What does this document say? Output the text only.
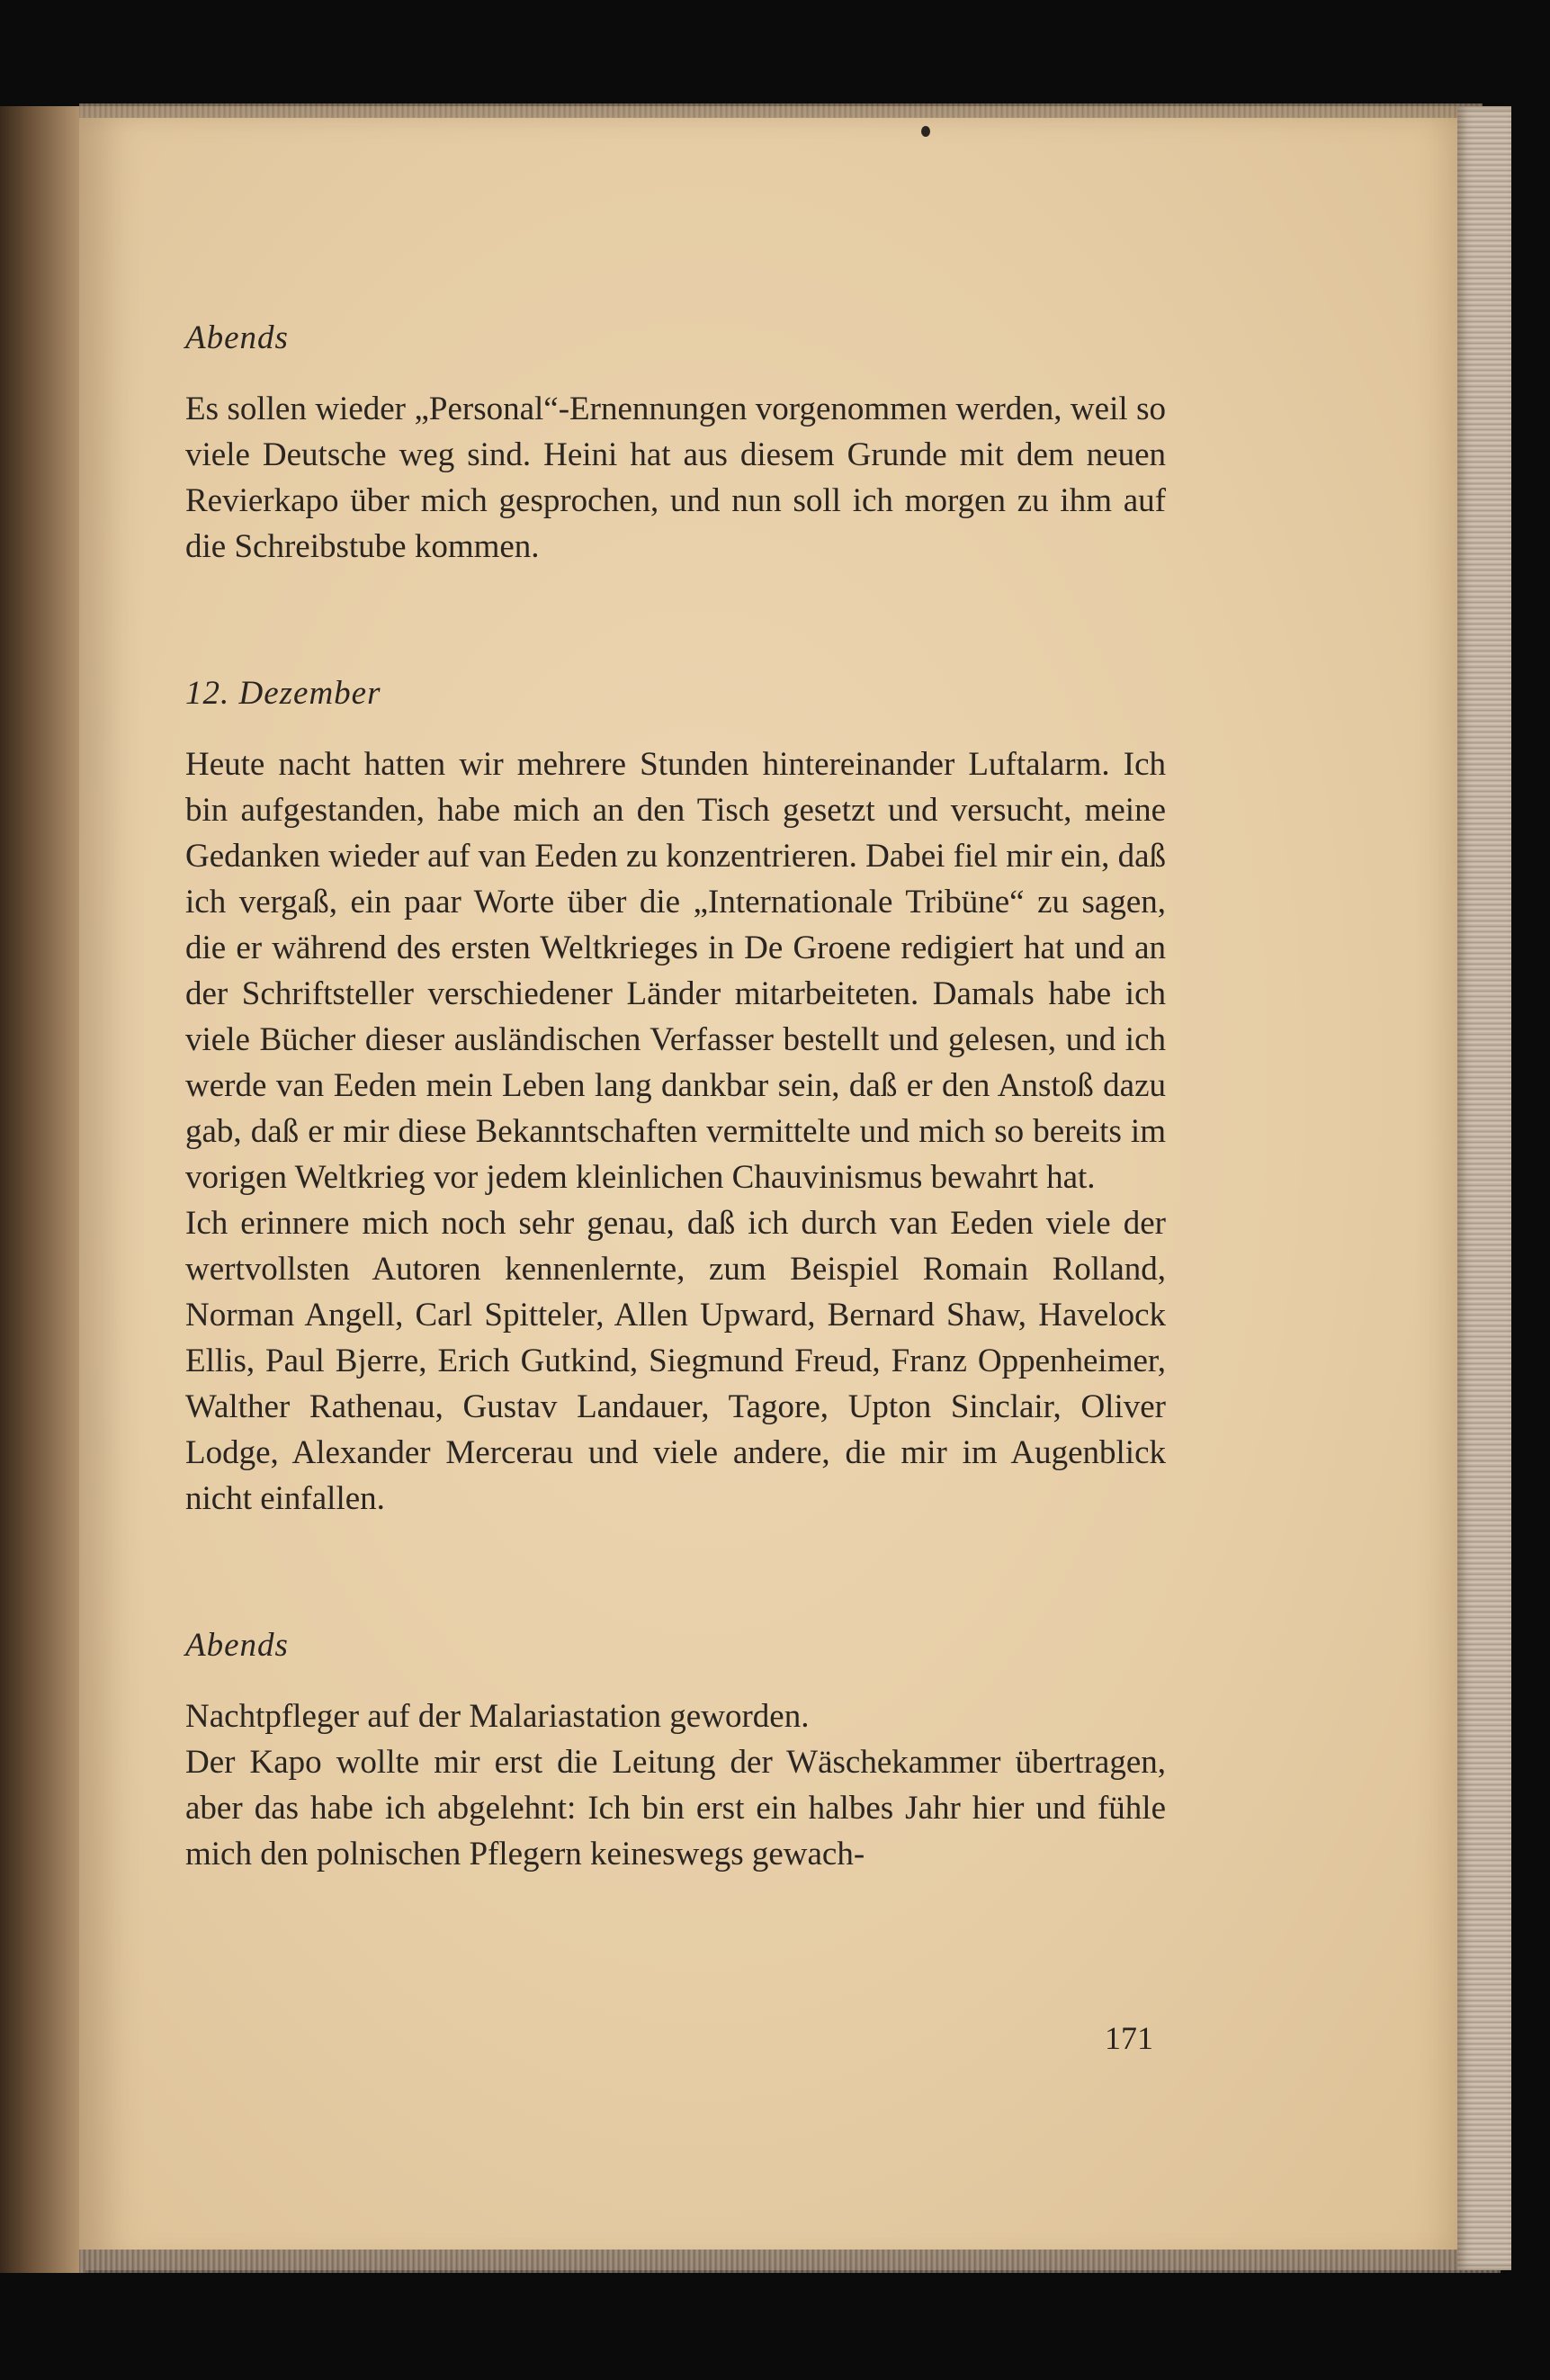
Abends

Es sollen wieder „Personal“-Ernennungen vorgenommen werden, weil so viele Deutsche weg sind. Heini hat aus diesem Grunde mit dem neuen Revierkapo über mich gesprochen, und nun soll ich morgen zu ihm auf die Schreibstube kommen.

12. Dezember

Heute nacht hatten wir mehrere Stunden hintereinander Luftalarm. Ich bin aufgestanden, habe mich an den Tisch gesetzt und versucht, meine Gedanken wieder auf van Eeden zu konzentrieren. Dabei fiel mir ein, daß ich vergaß, ein paar Worte über die „Internationale Tribüne“ zu sagen, die er während des ersten Weltkrieges in De Groene redigiert hat und an der Schriftsteller verschiedener Länder mitarbeiteten. Damals habe ich viele Bücher dieser ausländischen Verfasser bestellt und gelesen, und ich werde van Eeden mein Leben lang dankbar sein, daß er den Anstoß dazu gab, daß er mir diese Bekanntschaften vermittelte und mich so bereits im vorigen Weltkrieg vor jedem kleinlichen Chauvinismus bewahrt hat.

Ich erinnere mich noch sehr genau, daß ich durch van Eeden viele der wertvollsten Autoren kennenlernte, zum Beispiel Romain Rolland, Norman Angell, Carl Spitteler, Allen Upward, Bernard Shaw, Havelock Ellis, Paul Bjerre, Erich Gutkind, Siegmund Freud, Franz Oppenheimer, Walther Rathenau, Gustav Landauer, Tagore, Upton Sinclair, Oliver Lodge, Alexander Mercerau und viele andere, die mir im Augenblick nicht einfallen.

Abends

Nachtpfleger auf der Malariastation geworden.

Der Kapo wollte mir erst die Leitung der Wäschekammer übertragen, aber das habe ich abgelehnt: Ich bin erst ein halbes Jahr hier und fühle mich den polnischen Pflegern keineswegs gewach-

171
